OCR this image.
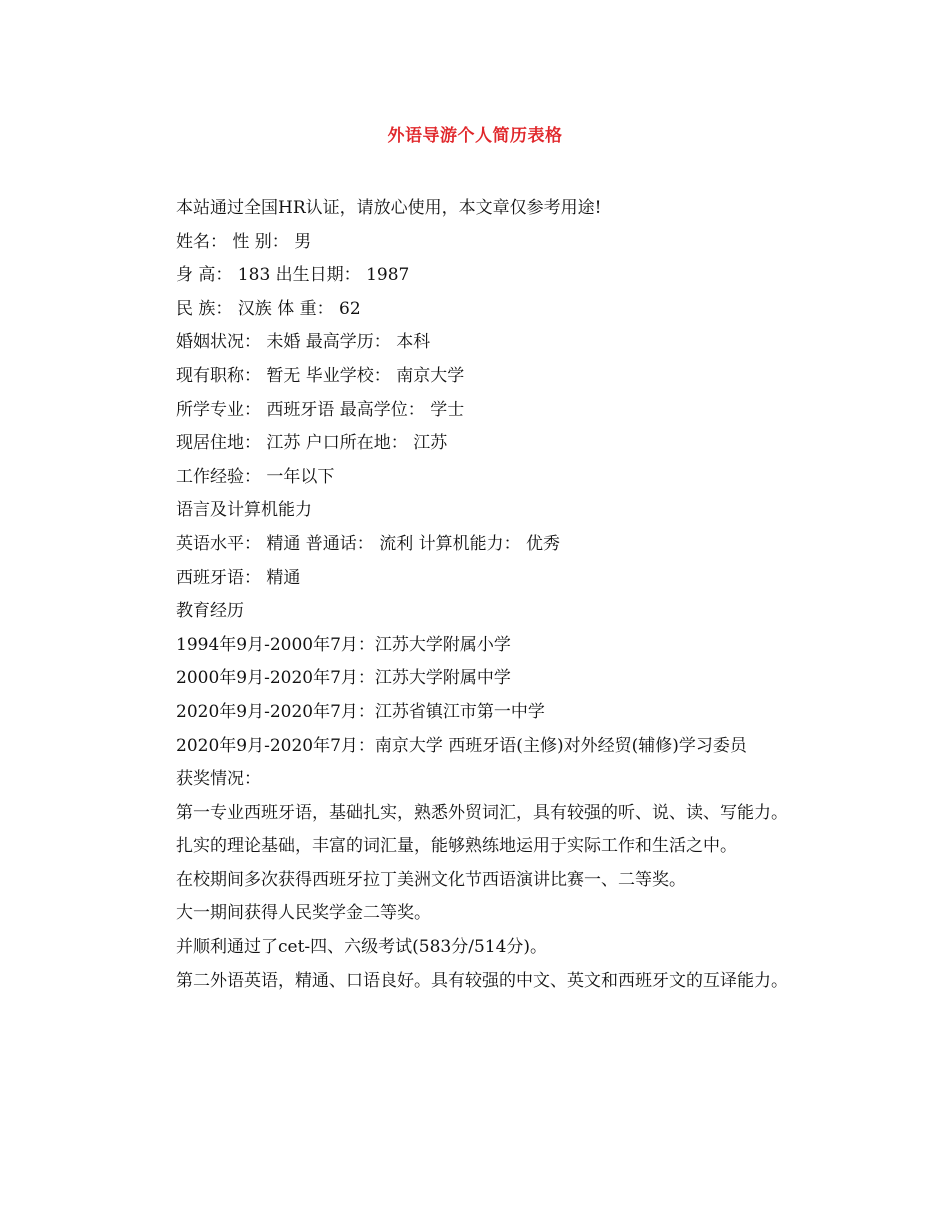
外语导游个人简历表格

本站通过全国HR认证，请放心使用，本文章仅参考用途!

姓名： 性 别： 男

身 高： 183 出生日期： 1987

民 族： 汉族 体 重： 62

婚姻状况： 未婚 最高学历： 本科

现有职称： 暂无 毕业学校： 南京大学

所学专业： 西班牙语 最高学位： 学士

现居住地： 江苏 户口所在地： 江苏

工作经验： 一年以下

语言及计算机能力

英语水平： 精通 普通话： 流利 计算机能力： 优秀

西班牙语： 精通

教育经历

1994年9月-2000年7月：江苏大学附属小学

2000年9月-2020年7月：江苏大学附属中学

2020年9月-2020年7月：江苏省镇江市第一中学

2020年9月-2020年7月：南京大学 西班牙语(主修)对外经贸(辅修)学习委员

获奖情况：

第一专业西班牙语，基础扎实，熟悉外贸词汇，具有较强的听、说、读、写能力。

扎实的理论基础，丰富的词汇量，能够熟练地运用于实际工作和生活之中。

在校期间多次获得西班牙拉丁美洲文化节西语演讲比赛一、二等奖。

大一期间获得人民奖学金二等奖。

并顺利通过了cet-四、六级考试(583分/514分)。

第二外语英语，精通、口语良好。具有较强的中文、英文和西班牙文的互译能力。
